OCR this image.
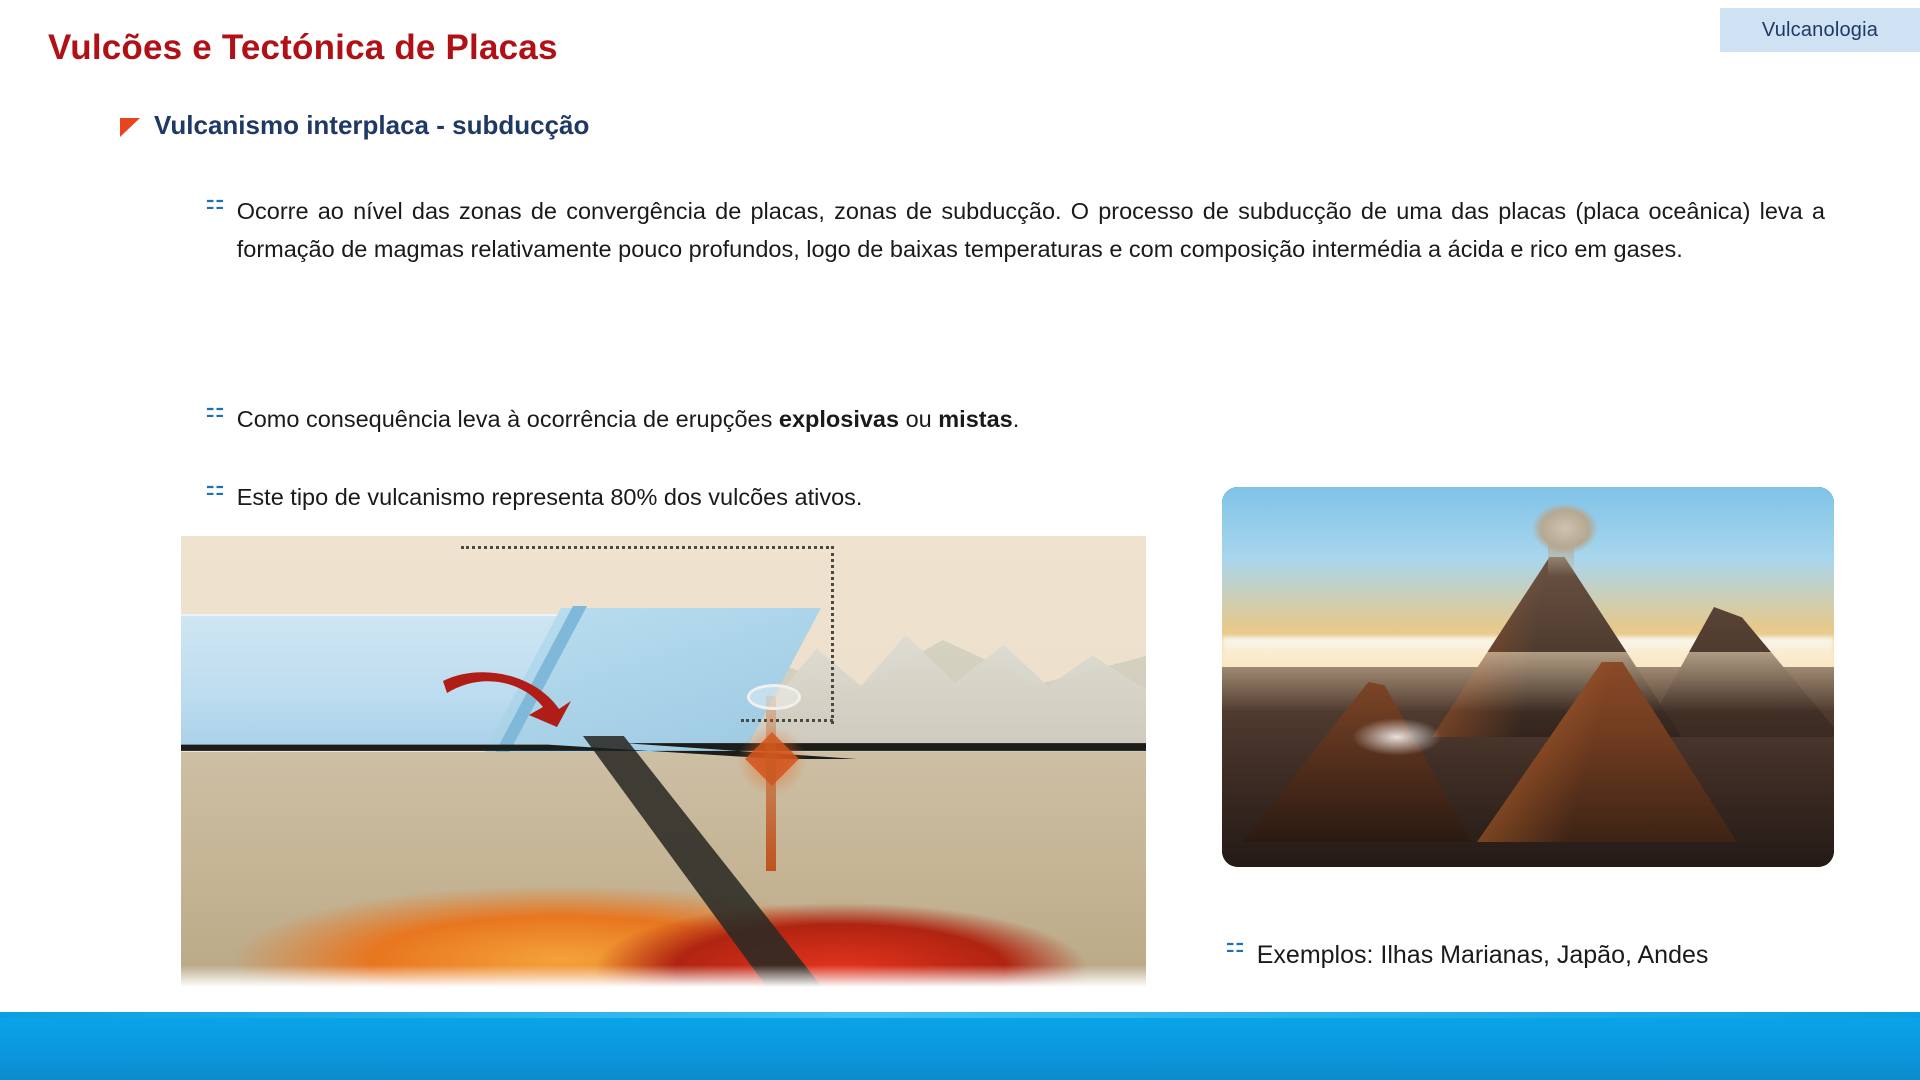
Vulcanologia
Vulcões e Tectónica de Placas
Vulcanismo interplaca - subducção
⚏ Ocorre ao nível das zonas de convergência de placas, zonas de subducção. O processo de subducção de uma das placas (placa oceânica) leva a formação de magmas relativamente pouco profundos, logo de baixas temperaturas e com composição intermédia a ácida e rico em gases.
⚏ Como consequência leva à ocorrência de erupções explosivas ou mistas.
⚏ Este tipo de vulcanismo representa 80% dos vulcões ativos.
⚏ Exemplos: Ilhas Marianas, Japão, Andes
